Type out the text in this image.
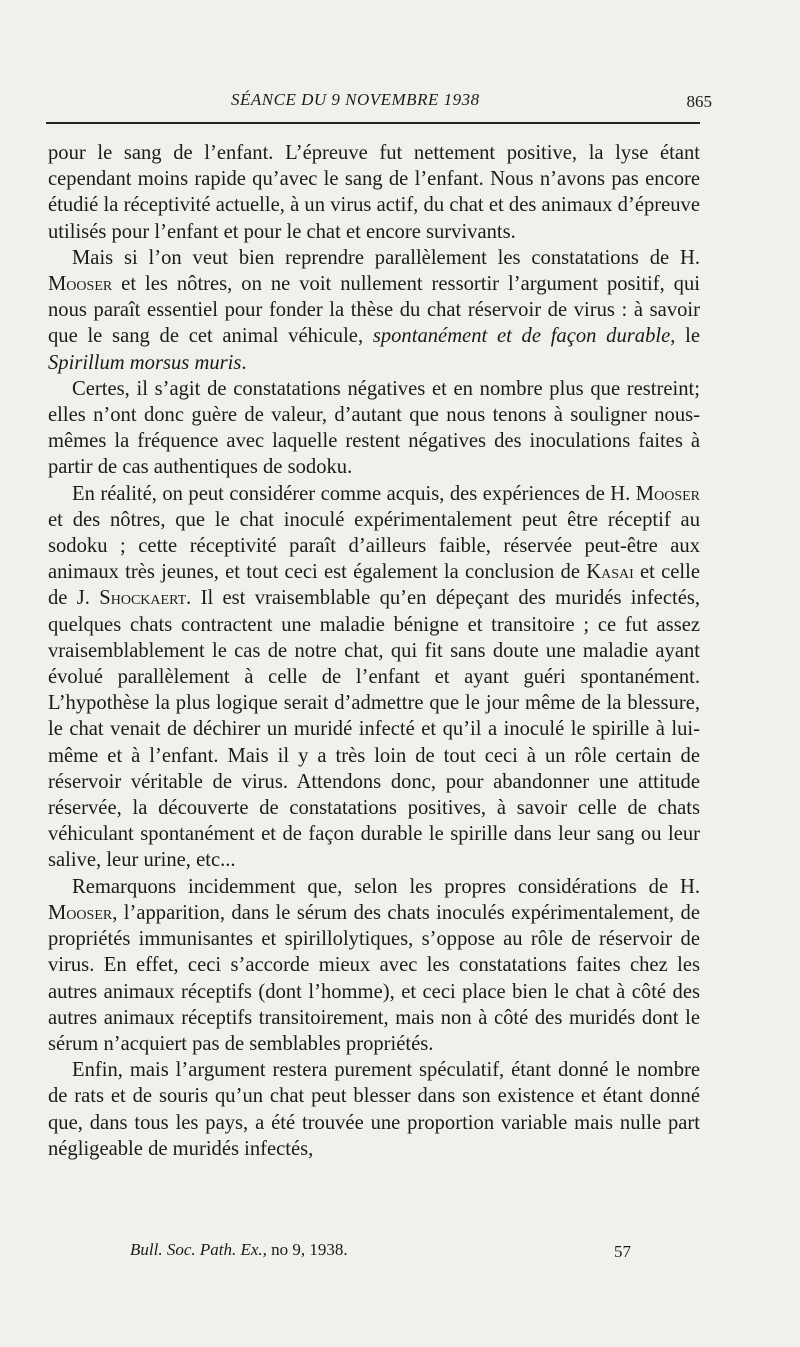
SÉANCE DU 9 NOVEMBRE 1938	865

pour le sang de l’enfant. L’épreuve fut nettement positive, la lyse étant cependant moins rapide qu’avec le sang de l’enfant. Nous n’avons pas encore étudié la réceptivité actuelle, à un virus actif, du chat et des animaux d’épreuve utilisés pour l’enfant et pour le chat et encore survivants.

Mais si l’on veut bien reprendre parallèlement les constatations de H. Mooser et les nôtres, on ne voit nullement ressortir l’argument positif, qui nous paraît essentiel pour fonder la thèse du chat réservoir de virus : à savoir que le sang de cet animal véhicule, spontanément et de façon durable, le Spirillum morsus muris.

Certes, il s’agit de constatations négatives et en nombre plus que restreint; elles n’ont donc guère de valeur, d’autant que nous tenons à souligner nous-mêmes la fréquence avec laquelle restent négatives des inoculations faites à partir de cas authentiques de sodoku.

En réalité, on peut considérer comme acquis, des expériences de H. Mooser et des nôtres, que le chat inoculé expérimentalement peut être réceptif au sodoku ; cette réceptivité paraît d’ailleurs faible, réservée peut-être aux animaux très jeunes, et tout ceci est également la conclusion de Kasai et celle de J. Shockaert. Il est vraisemblable qu’en dépeçant des muridés infectés, quelques chats contractent une maladie bénigne et transitoire ; ce fut assez vraisemblablement le cas de notre chat, qui fit sans doute une maladie ayant évolué parallèlement à celle de l’enfant et ayant guéri spontanément. L’hypothèse la plus logique serait d’admettre que le jour même de la blessure, le chat venait de déchirer un muridé infecté et qu’il a inoculé le spirille à lui-même et à l’enfant. Mais il y a très loin de tout ceci à un rôle certain de réservoir véritable de virus. Attendons donc, pour abandonner une attitude réservée, la découverte de constatations positives, à savoir celle de chats véhiculant spontanément et de façon durable le spirille dans leur sang ou leur salive, leur urine, etc...

Remarquons incidemment que, selon les propres considérations de H. Mooser, l’apparition, dans le sérum des chats inoculés expérimentalement, de propriétés immunisantes et spirillolytiques, s’oppose au rôle de réservoir de virus. En effet, ceci s’accorde mieux avec les constatations faites chez les autres animaux réceptifs (dont l’homme), et ceci place bien le chat à côté des autres animaux réceptifs transitoirement, mais non à côté des muridés dont le sérum n’acquiert pas de semblables propriétés.

Enfin, mais l’argument restera purement spéculatif, étant donné le nombre de rats et de souris qu’un chat peut blesser dans son existence et étant donné que, dans tous les pays, a été trouvée une proportion variable mais nulle part négligeable de muridés infectés,

Bull. Soc. Path. Ex., no 9, 1938.	57
